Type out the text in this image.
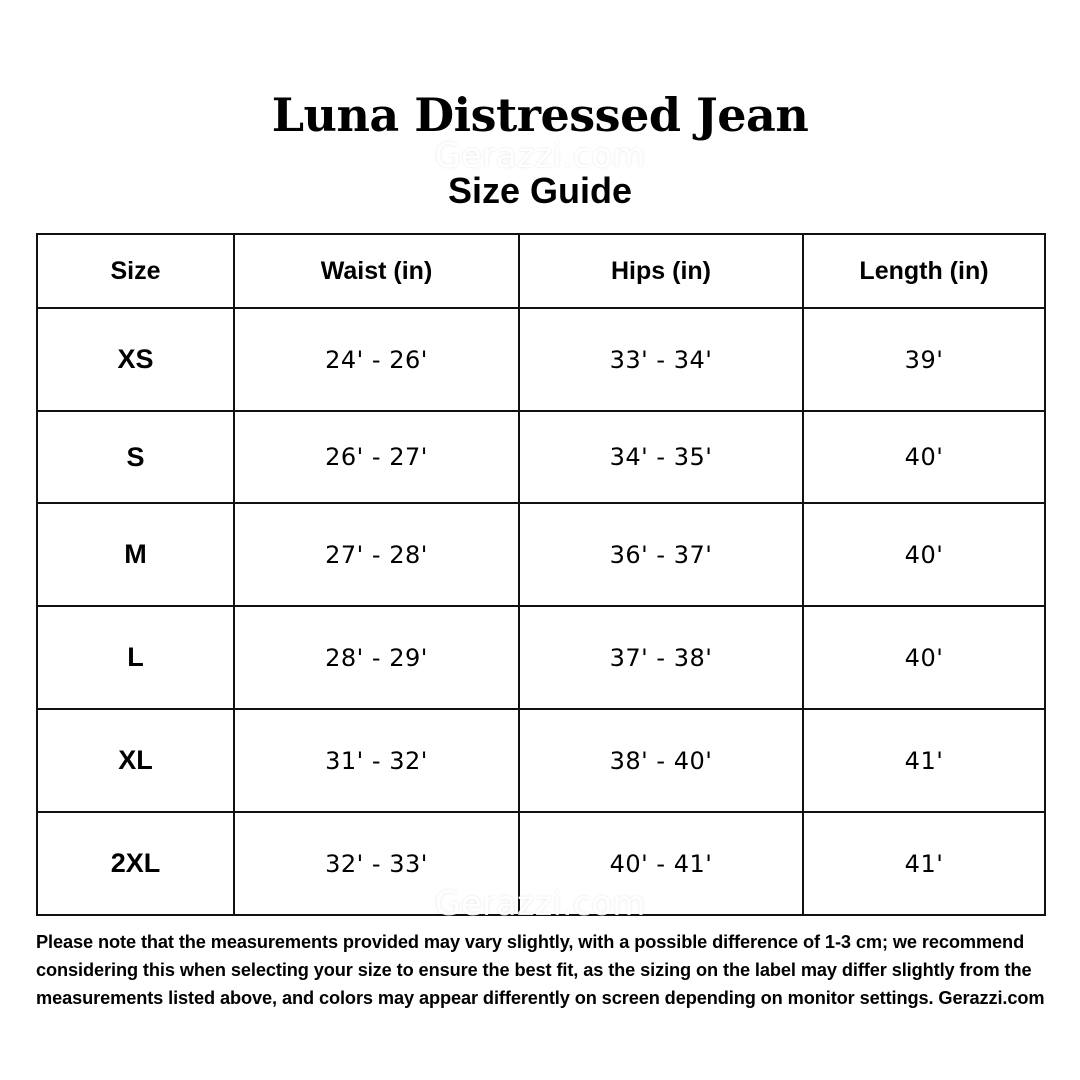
Luna Distressed Jean
Gerazzi.com
Size Guide
Size	Waist (in)	Hips (in)	Length (in)
XS	24' - 26'	33' - 34'	39'
S	26' - 27'	34' - 35'	40'
M	27' - 28'	36' - 37'	40'
L	28' - 29'	37' - 38'	40'
XL	31' - 32'	38' - 40'	41'
2XL	32' - 33'	40' - 41'	41'
Gerazzi.com

Please note that the measurements provided may vary slightly, with a possible difference of 1-3 cm; we recommend considering this when selecting your size to ensure the best fit, as the sizing on the label may differ slightly from the measurements listed above, and colors may appear differently on screen depending on monitor settings. Gerazzi.com
